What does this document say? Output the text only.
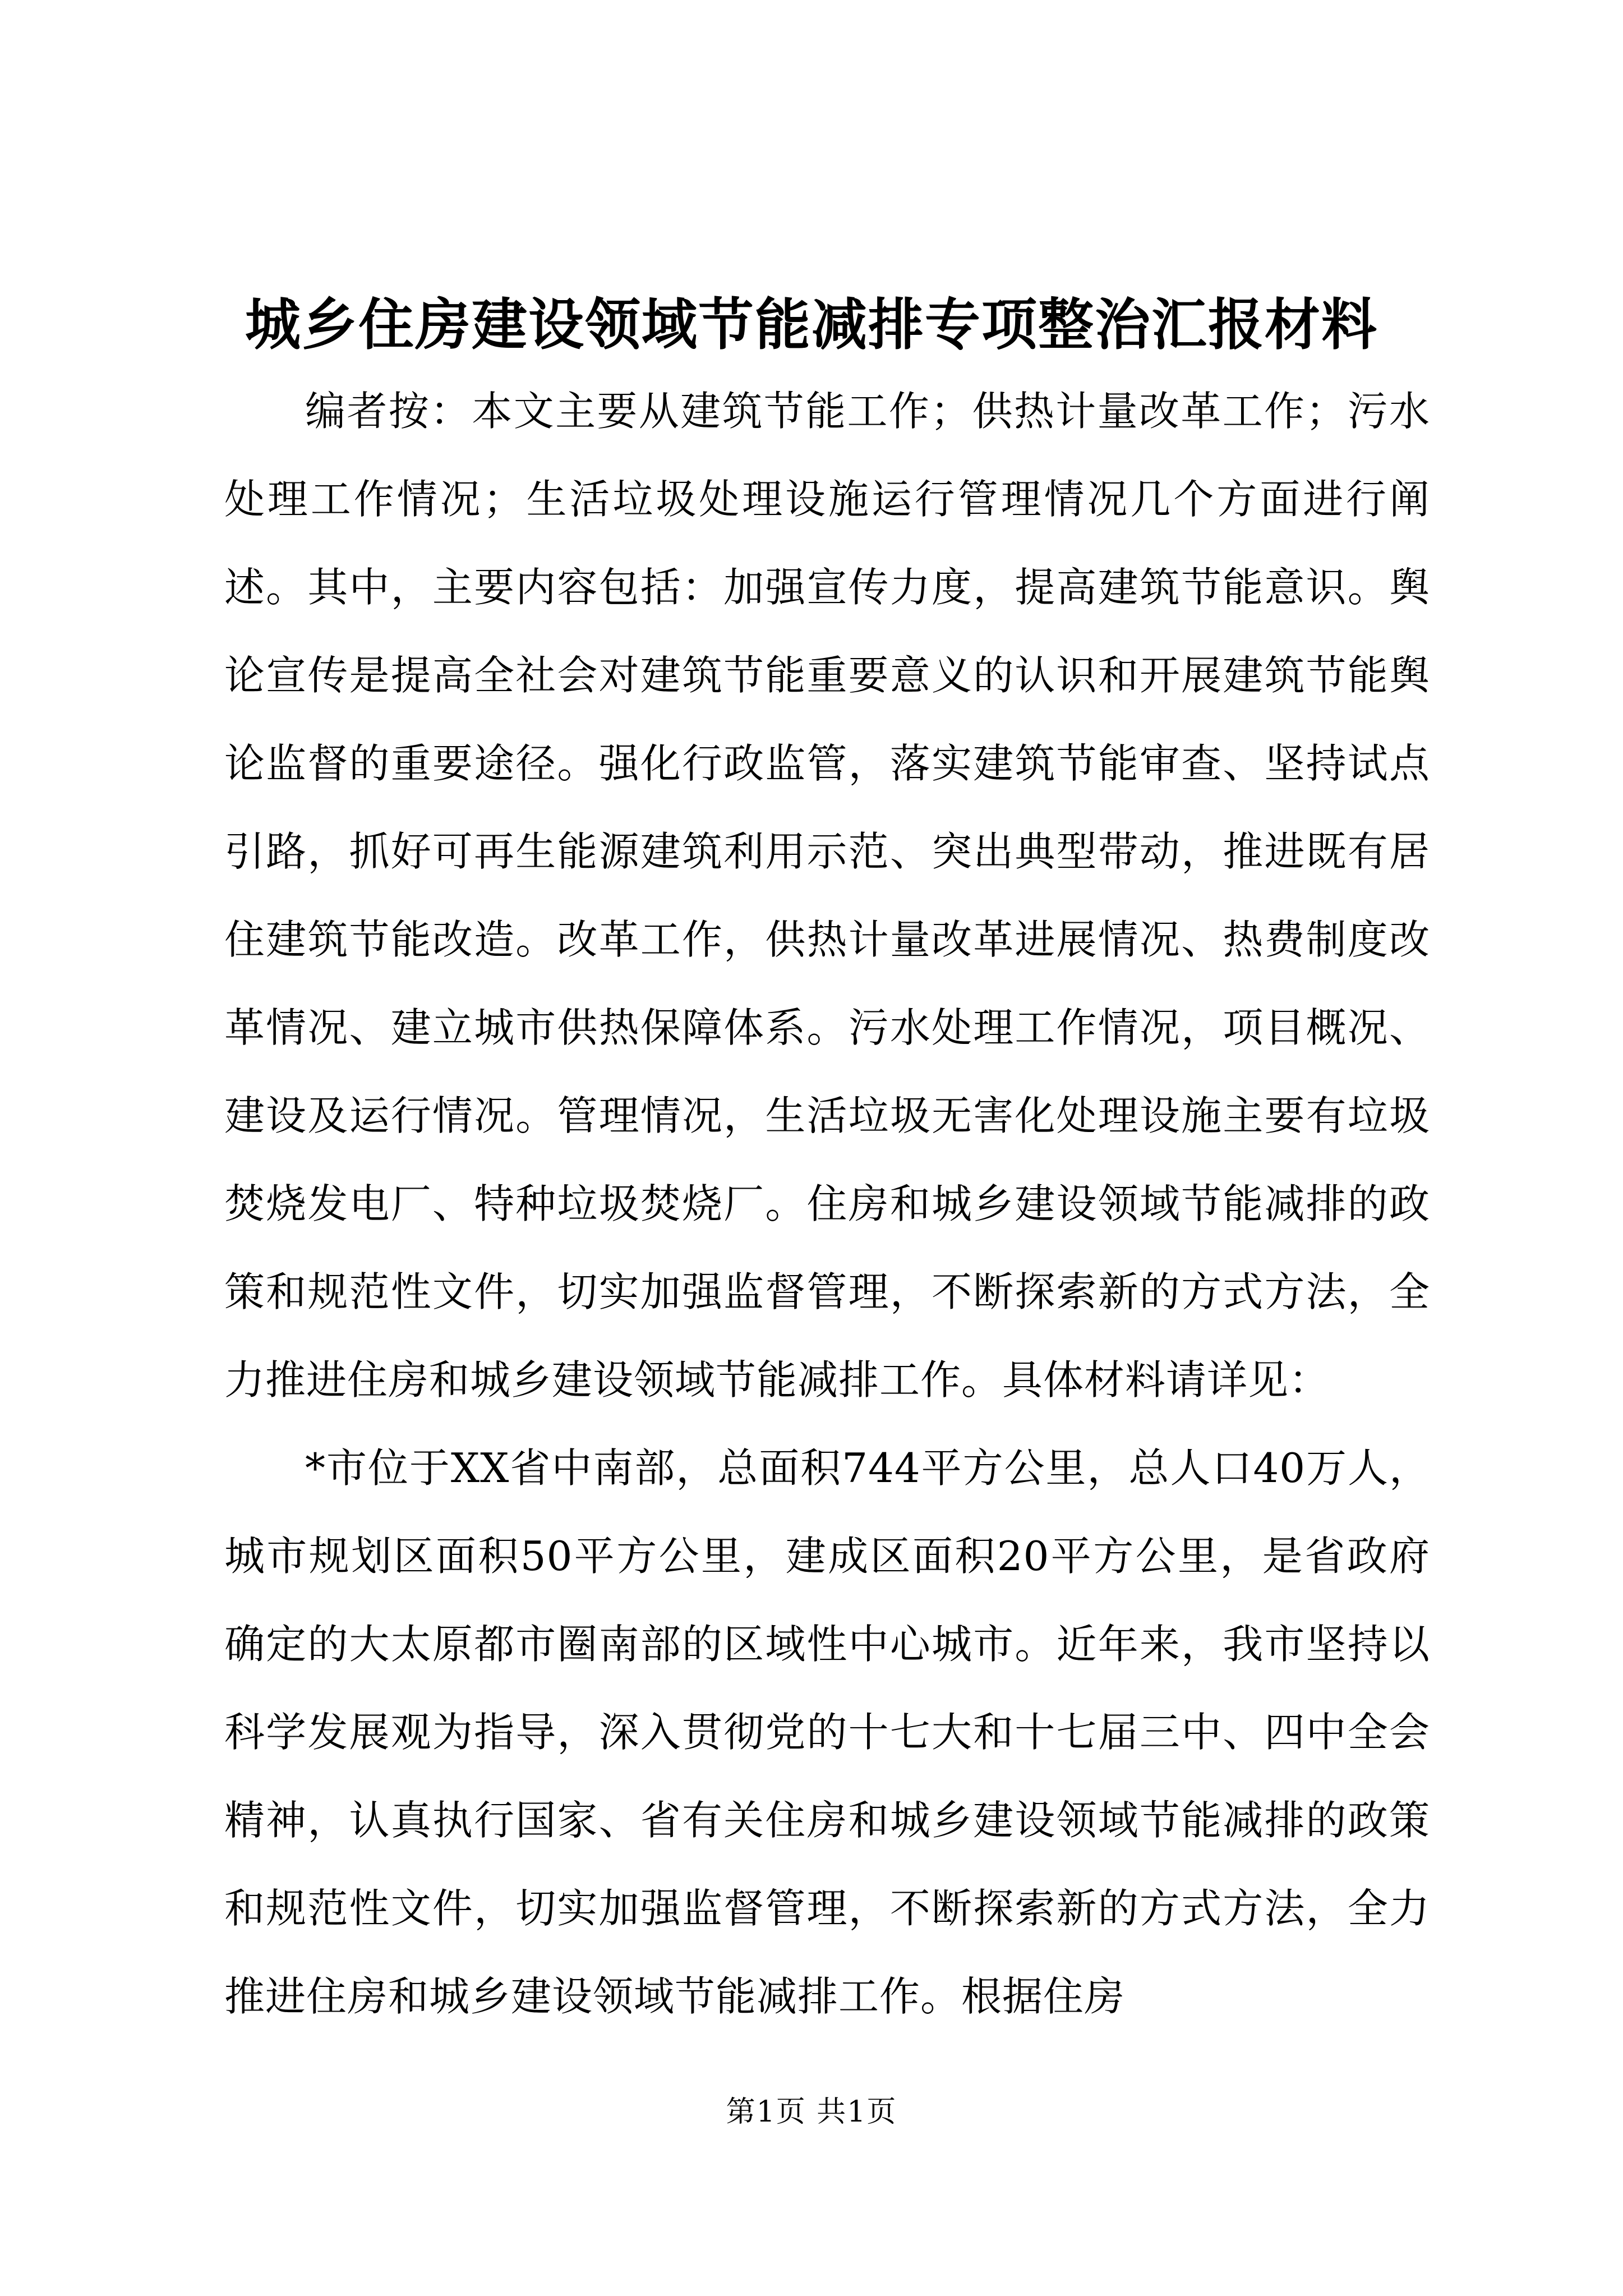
城乡住房建设领域节能减排专项整治汇报材料

编者按：本文主要从建筑节能工作；供热计量改革工作；污水处理工作情况；生活垃圾处理设施运行管理情况几个方面进行阐述。其中，主要内容包括：加强宣传力度，提高建筑节能意识。舆论宣传是提高全社会对建筑节能重要意义的认识和开展建筑节能舆论监督的重要途径。强化行政监管，落实建筑节能审查、坚持试点引路，抓好可再生能源建筑利用示范、突出典型带动，推进既有居住建筑节能改造。改革工作，供热计量改革进展情况、热费制度改革情况、建立城市供热保障体系。污水处理工作情况，项目概况、建设及运行情况。管理情况，生活垃圾无害化处理设施主要有垃圾焚烧发电厂、特种垃圾焚烧厂。住房和城乡建设领域节能减排的政策和规范性文件，切实加强监督管理，不断探索新的方式方法，全力推进住房和城乡建设领域节能减排工作。具体材料请详见：

*市位于XX省中南部，总面积744平方公里，总人口40万人，城市规划区面积50平方公里，建成区面积20平方公里，是省政府确定的大太原都市圈南部的区域性中心城市。近年来，我市坚持以科学发展观为指导，深入贯彻党的十七大和十七届三中、四中全会精神，认真执行国家、省有关住房和城乡建设领域节能减排的政策和规范性文件，切实加强监督管理，不断探索新的方式方法，全力推进住房和城乡建设领域节能减排工作。根据住房

第1页 共1页
